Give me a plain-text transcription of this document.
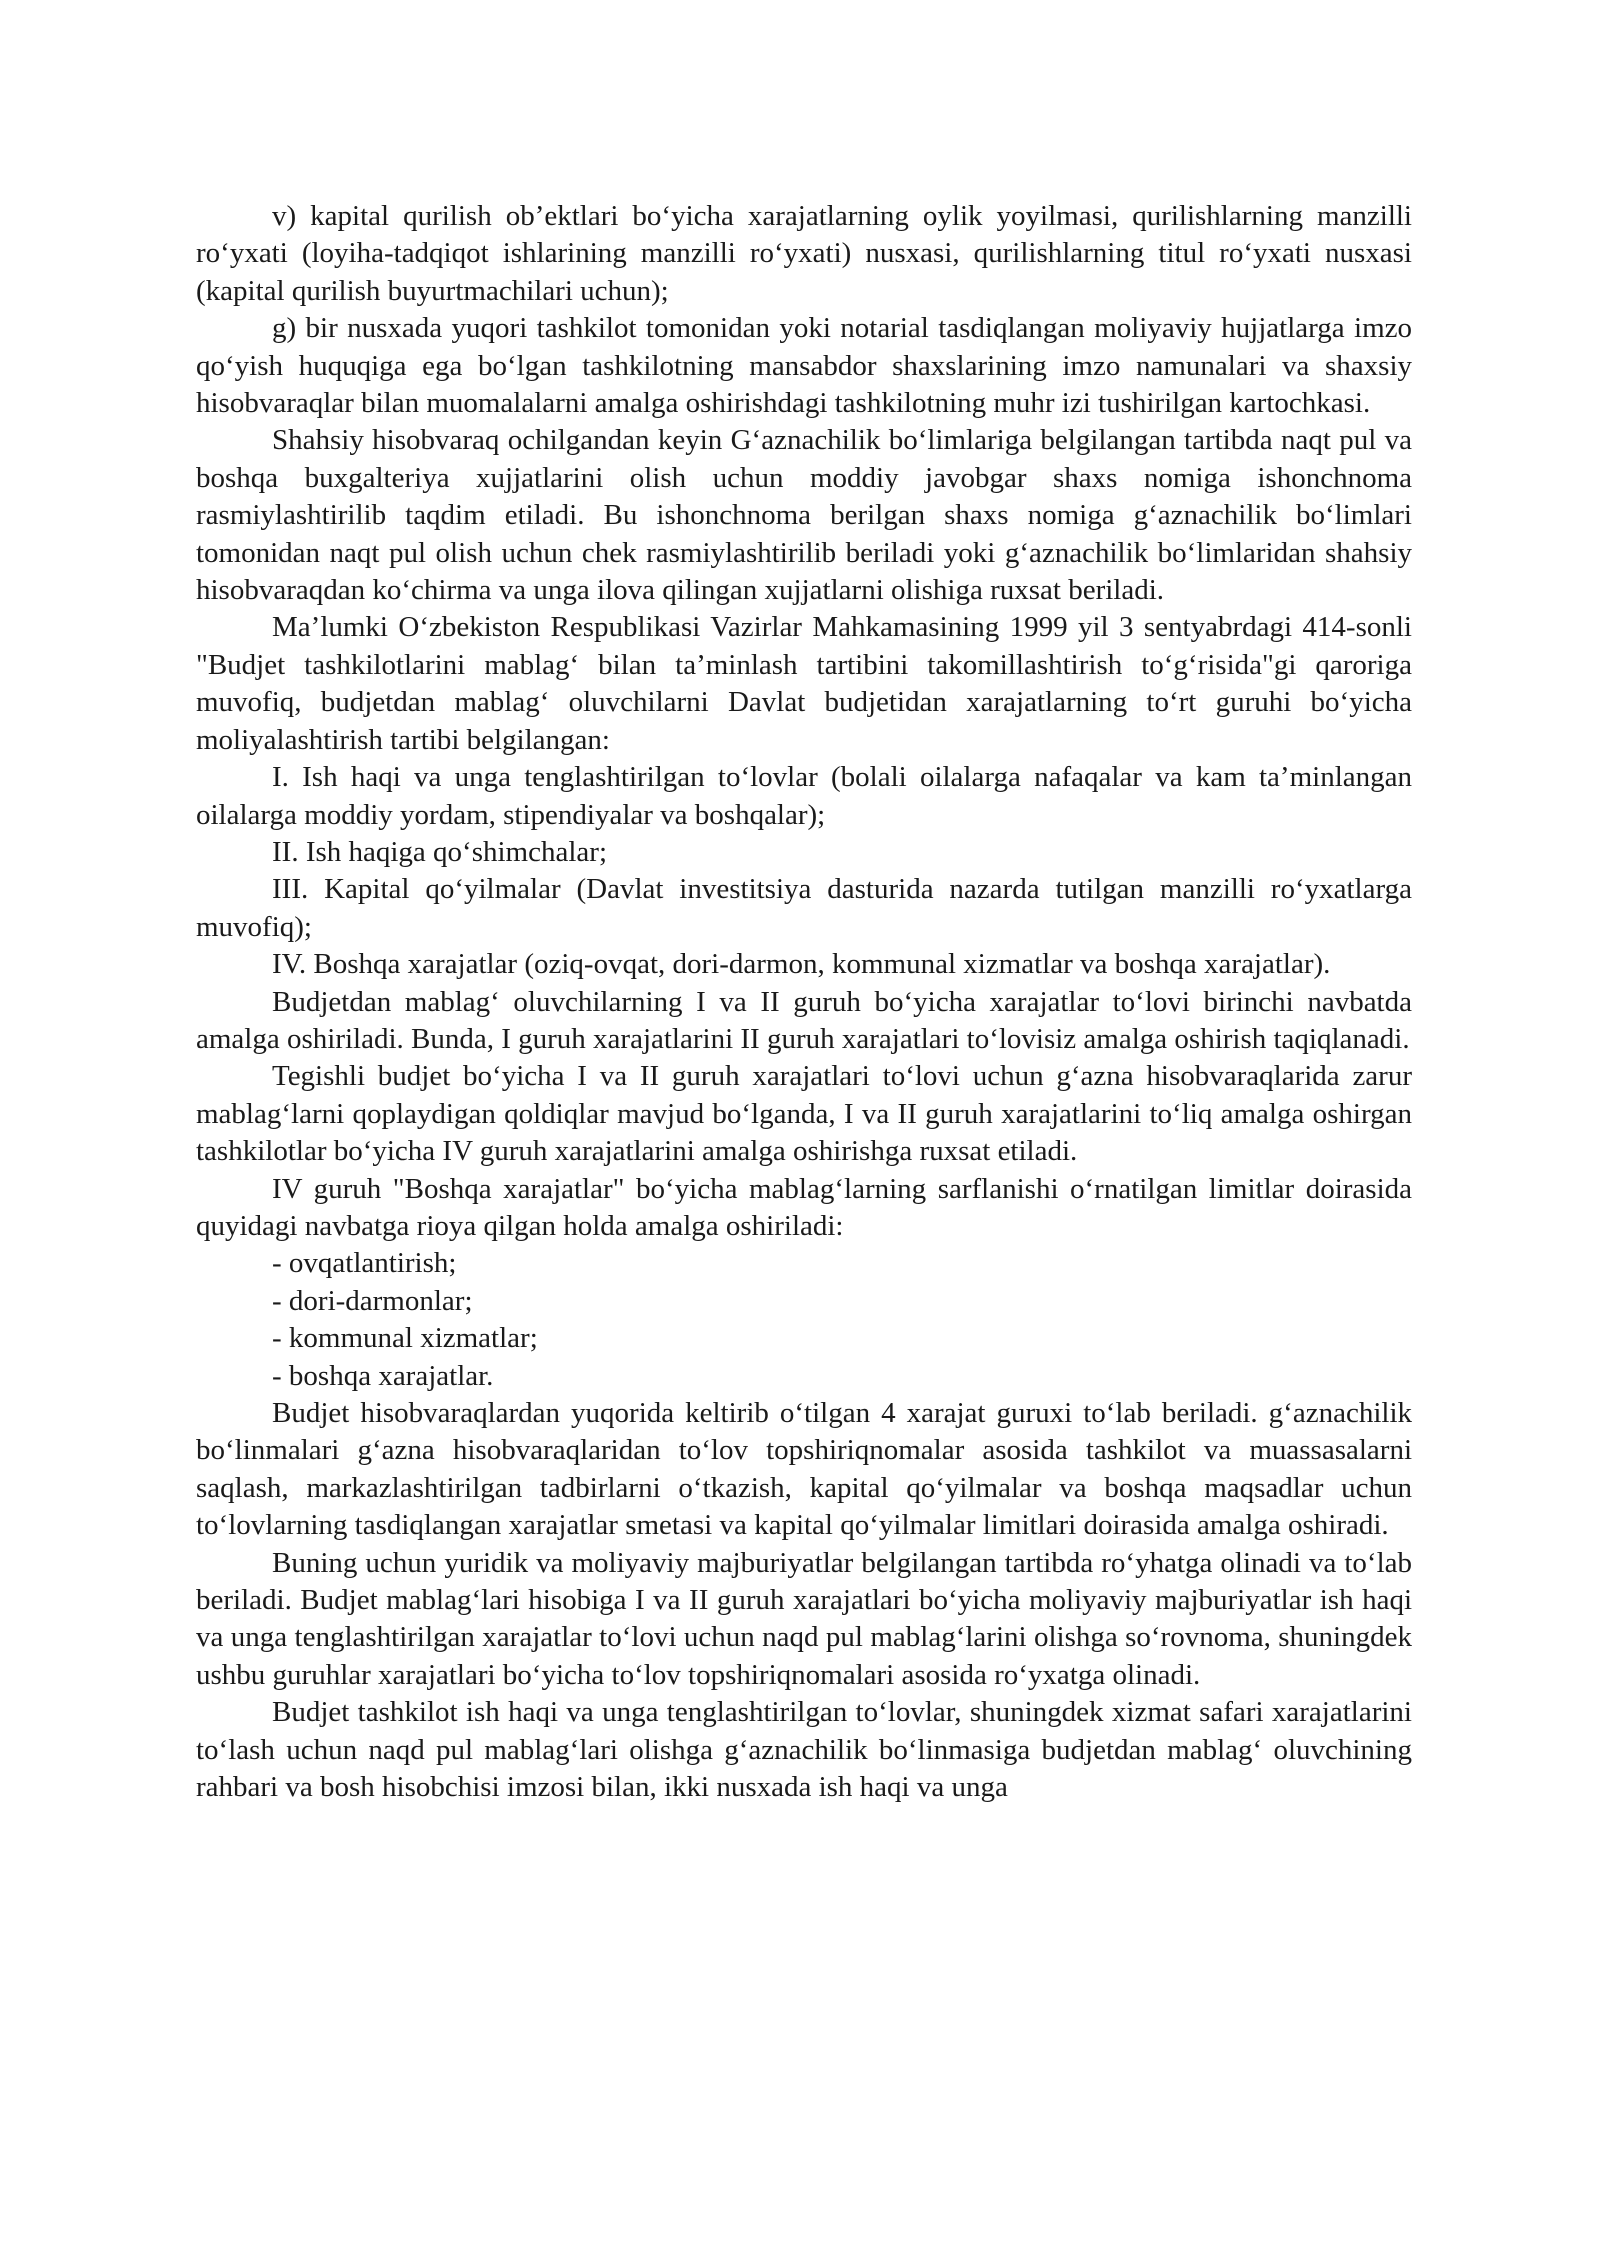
v) kapital qurilish ob’ektlari bo‘yicha xarajatlarning oylik yoyilmasi, qurilishlarning manzilli ro‘yxati (loyiha-tadqiqot ishlarining manzilli ro‘yxati) nusxasi, qurilishlarning titul ro‘yxati nusxasi (kapital qurilish buyurtmachilari uchun);

g) bir nusxada yuqori tashkilot tomonidan yoki notarial tasdiqlangan moliyaviy hujjatlarga imzo qo‘yish huquqiga ega bo‘lgan tashkilotning mansabdor shaxslarining imzo namunalari va shaxsiy hisobvaraqlar bilan muomalalarni amalga oshirishdagi tashkilotning muhr izi tushirilgan kartochkasi.

Shahsiy hisobvaraq ochilgandan keyin G‘aznachilik bo‘limlariga belgilangan tartibda naqt pul va boshqa buxgalteriya xujjatlarini olish uchun moddiy javobgar shaxs nomiga ishonchnoma rasmiylashtirilib taqdim etiladi. Bu ishonchnoma berilgan shaxs nomiga g‘aznachilik bo‘limlari tomonidan naqt pul olish uchun chek rasmiylashtirilib beriladi yoki g‘aznachilik bo‘limlaridan shahsiy hisobvaraqdan ko‘chirma va unga ilova qilingan xujjatlarni olishiga ruxsat beriladi.

Ma’lumki O‘zbekiston Respublikasi Vazirlar Mahkamasining 1999 yil 3 sentyabrdagi 414-sonli "Budjet tashkilotlarini mablag‘ bilan ta’minlash tartibini takomillashtirish to‘g‘risida"gi qaroriga muvofiq, budjetdan mablag‘ oluvchilarni Davlat budjetidan xarajatlarning to‘rt guruhi bo‘yicha moliyalashtirish tartibi belgilangan:

I. Ish haqi va unga tenglashtirilgan to‘lovlar (bolali oilalarga nafaqalar va kam ta’minlangan oilalarga moddiy yordam, stipendiyalar va boshqalar);

II. Ish haqiga qo‘shimchalar;

III. Kapital qo‘yilmalar (Davlat investitsiya dasturida nazarda tutilgan manzilli ro‘yxatlarga muvofiq);

IV. Boshqa xarajatlar (oziq-ovqat, dori-darmon, kommunal xizmatlar va boshqa xarajatlar).

Budjetdan mablag‘ oluvchilarning I va II guruh bo‘yicha xarajatlar to‘lovi birinchi navbatda amalga oshiriladi. Bunda, I guruh xarajatlarini II guruh xarajatlari to‘lovisiz amalga oshirish taqiqlanadi.

Tegishli budjet bo‘yicha I va II guruh xarajatlari to‘lovi uchun g‘azna hisobvaraqlarida zarur mablag‘larni qoplaydigan qoldiqlar mavjud bo‘lganda, I va II guruh xarajatlarini to‘liq amalga oshirgan tashkilotlar bo‘yicha IV guruh xarajatlarini amalga oshirishga ruxsat etiladi.

IV guruh "Boshqa xarajatlar" bo‘yicha mablag‘larning sarflanishi o‘rnatilgan limitlar doirasida quyidagi navbatga rioya qilgan holda amalga oshiriladi:

- ovqatlantirish;

- dori-darmonlar;

- kommunal xizmatlar;

- boshqa xarajatlar.

Budjet hisobvaraqlardan yuqorida keltirib o‘tilgan 4 xarajat guruxi to‘lab beriladi. g‘aznachilik bo‘linmalari g‘azna hisobvaraqlaridan to‘lov topshiriqnomalar asosida tashkilot va muassasalarni saqlash, markazlashtirilgan tadbirlarni o‘tkazish, kapital qo‘yilmalar va boshqa maqsadlar uchun to‘lovlarning tasdiqlangan xarajatlar smetasi va kapital qo‘yilmalar limitlari doirasida amalga oshiradi.

Buning uchun yuridik va moliyaviy majburiyatlar belgilangan tartibda ro‘yhatga olinadi va to‘lab beriladi. Budjet mablag‘lari hisobiga I va II guruh xarajatlari bo‘yicha moliyaviy majburiyatlar ish haqi va unga tenglashtirilgan xarajatlar to‘lovi uchun naqd pul mablag‘larini olishga so‘rovnoma, shuningdek ushbu guruhlar xarajatlari bo‘yicha to‘lov topshiriqnomalari asosida ro‘yxatga olinadi.

Budjet tashkilot ish haqi va unga tenglashtirilgan to‘lovlar, shuningdek xizmat safari xarajatlarini to‘lash uchun naqd pul mablag‘lari olishga g‘aznachilik bo‘linmasiga budjetdan mablag‘ oluvchining rahbari va bosh hisobchisi imzosi bilan, ikki nusxada ish haqi va unga
